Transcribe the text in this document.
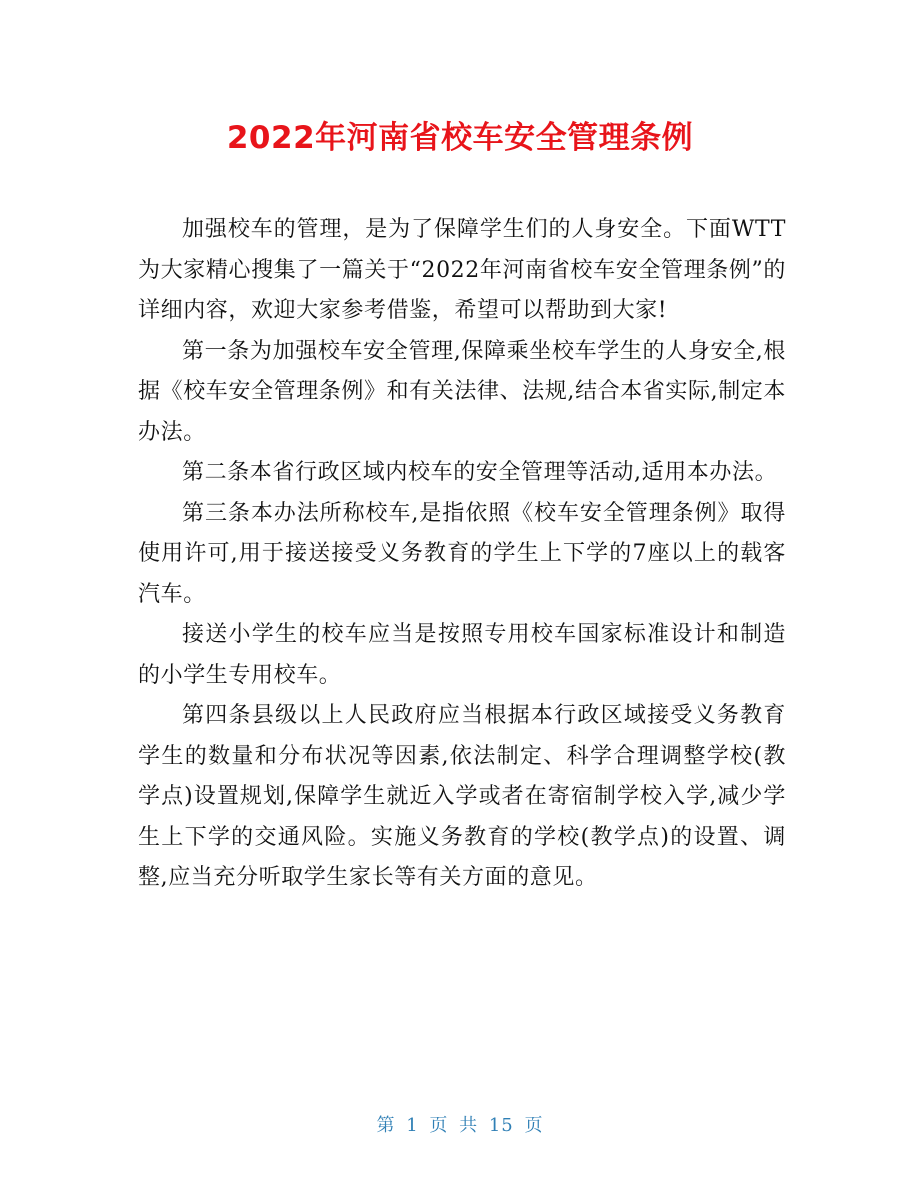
2022年河南省校车安全管理条例

加强校车的管理，是为了保障学生们的人身安全。下面WTT为大家精心搜集了一篇关于“2022年河南省校车安全管理条例”的详细内容，欢迎大家参考借鉴，希望可以帮助到大家!

第一条为加强校车安全管理,保障乘坐校车学生的人身安全,根据《校车安全管理条例》和有关法律、法规,结合本省实际,制定本办法。

第二条本省行政区域内校车的安全管理等活动,适用本办法。

第三条本办法所称校车,是指依照《校车安全管理条例》取得使用许可,用于接送接受义务教育的学生上下学的7座以上的载客汽车。

接送小学生的校车应当是按照专用校车国家标准设计和制造的小学生专用校车。

第四条县级以上人民政府应当根据本行政区域接受义务教育学生的数量和分布状况等因素,依法制定、科学合理调整学校(教学点)设置规划,保障学生就近入学或者在寄宿制学校入学,减少学生上下学的交通风险。实施义务教育的学校(教学点)的设置、调整,应当充分听取学生家长等有关方面的意见。

第 1 页 共 15 页
